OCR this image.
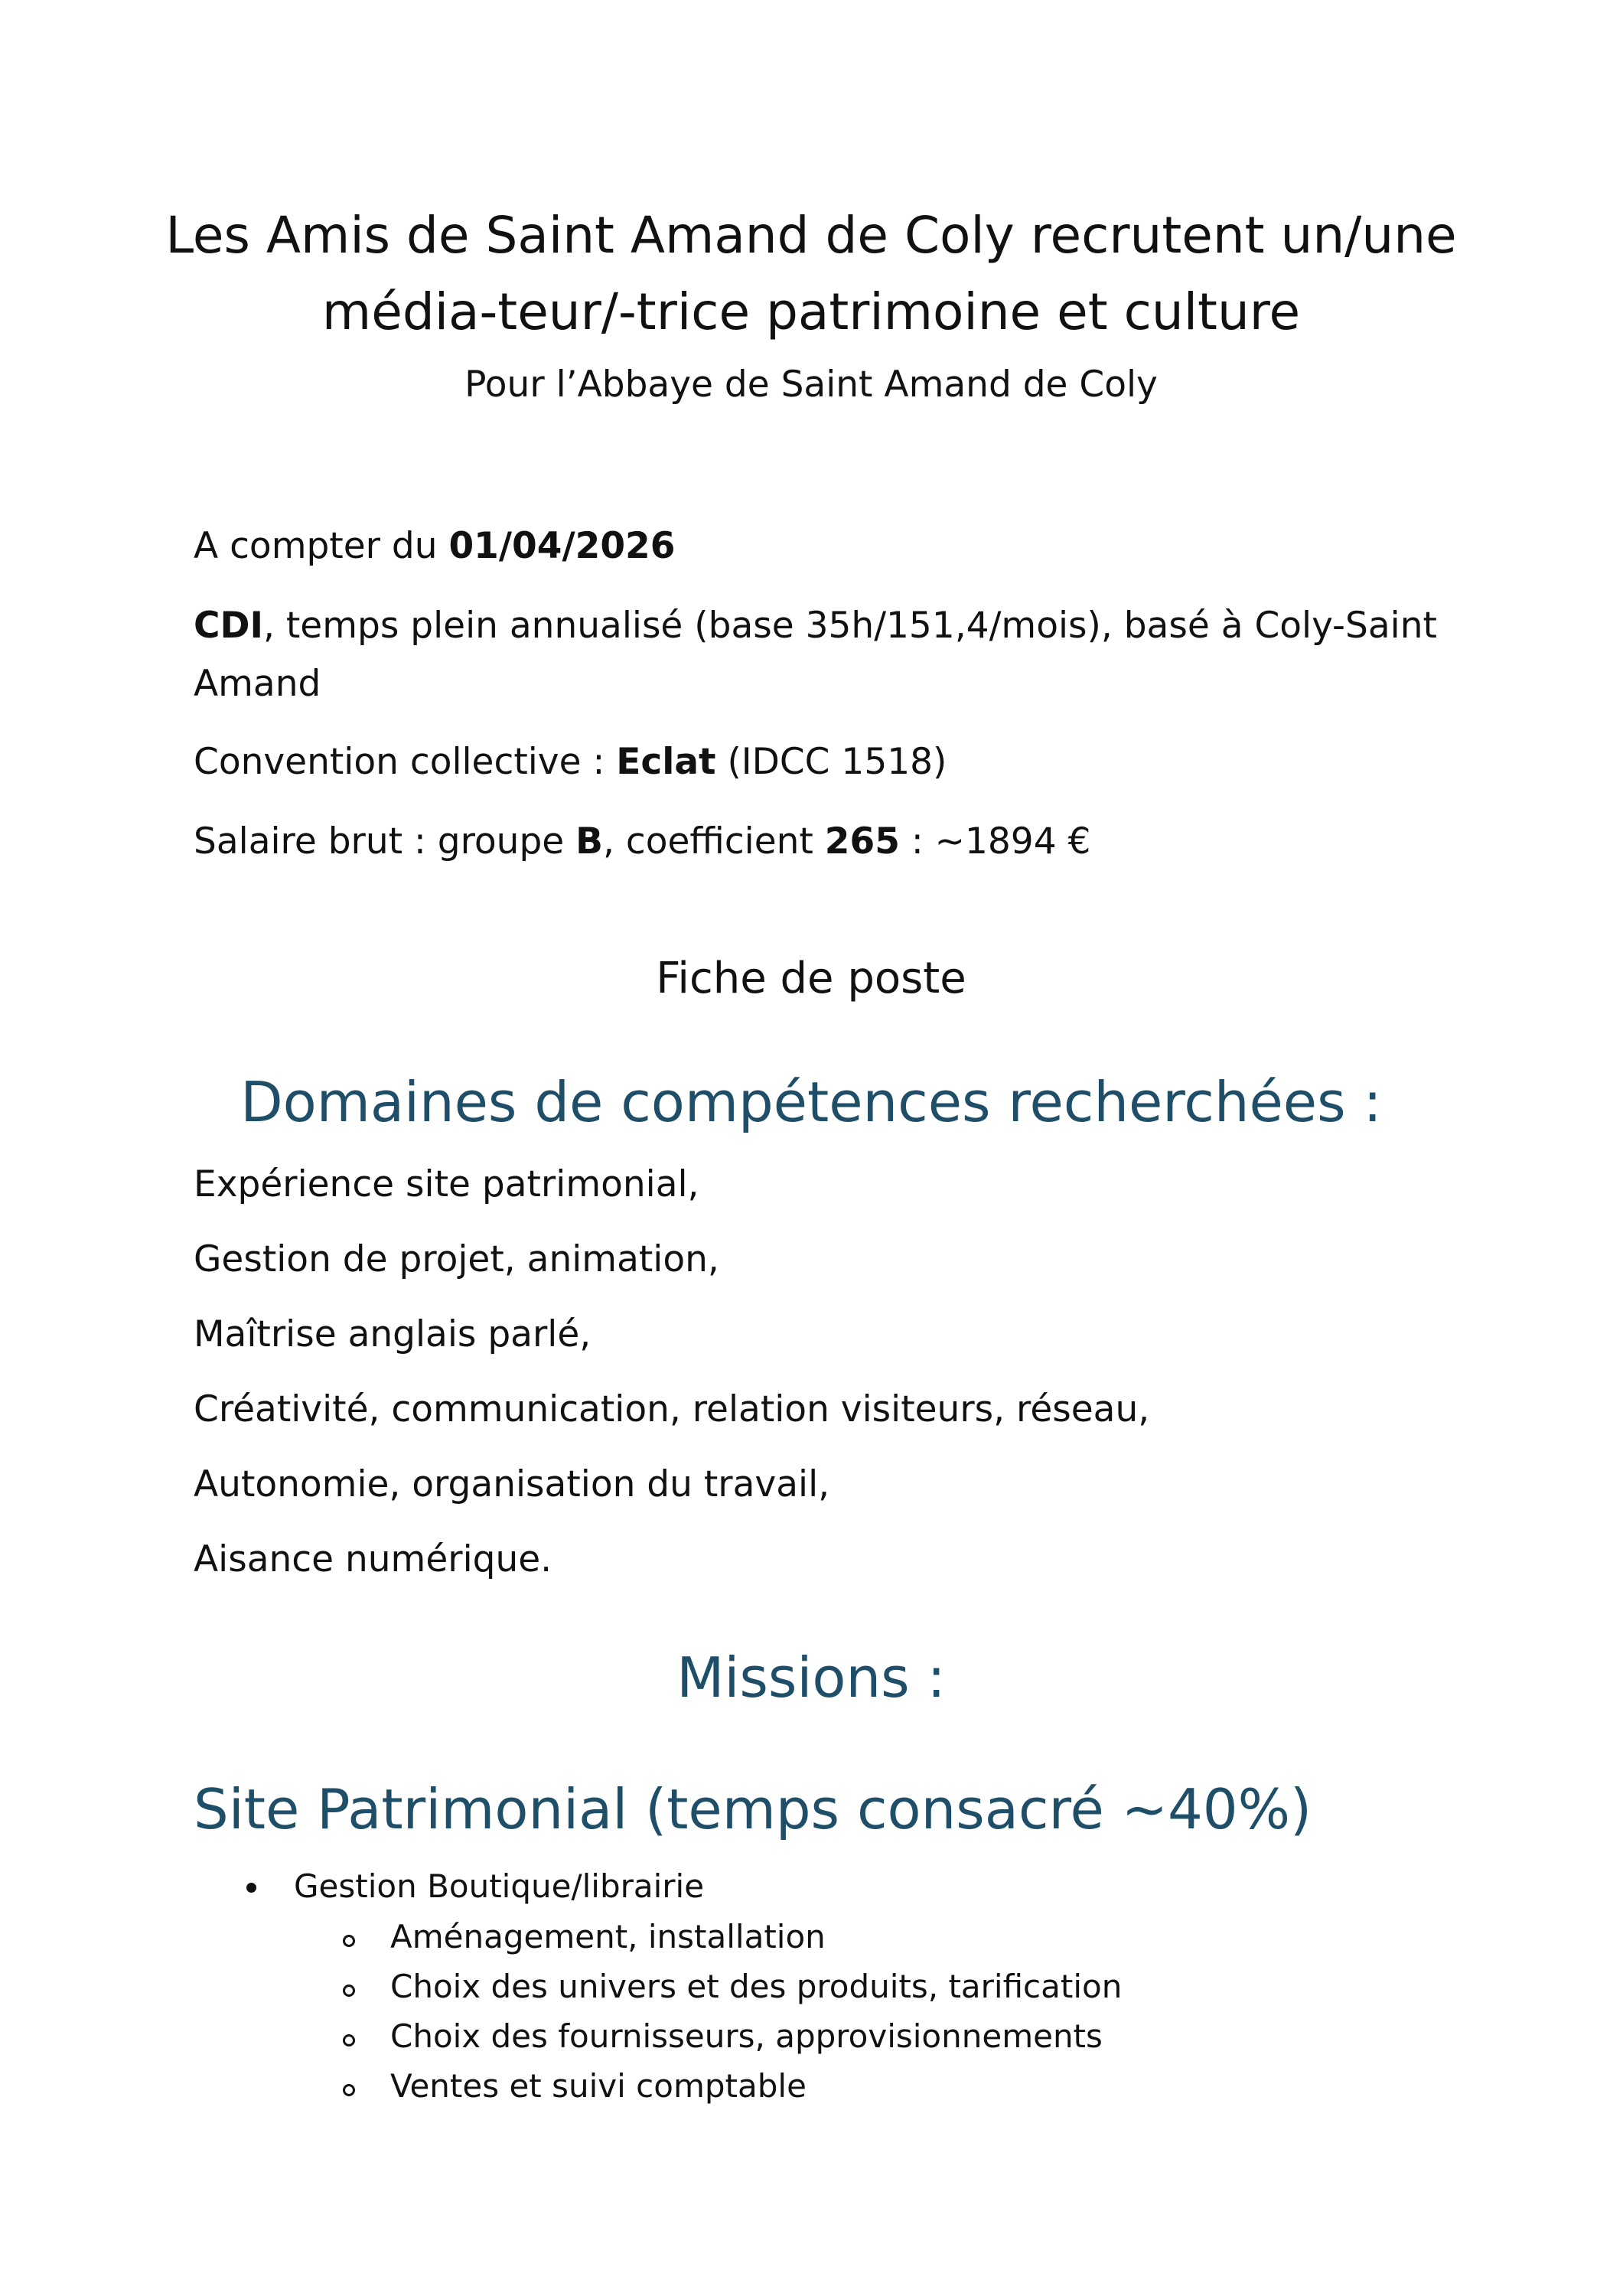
Les Amis de Saint Amand de Coly recrutent un/une
média-teur/-trice patrimoine et culture
Pour l’Abbaye de Saint Amand de Coly
A compter du 01/04/2026
CDI, temps plein annualisé (base 35h/151,4/mois), basé à Coly-Saint Amand
Convention collective : Eclat (IDCC 1518)
Salaire brut : groupe B, coefficient 265 : ~1894 €
Fiche de poste
Domaines de compétences recherchées :
Expérience site patrimonial,
Gestion de projet, animation,
Maîtrise anglais parlé,
Créativité, communication, relation visiteurs, réseau,
Autonomie, organisation du travail,
Aisance numérique.
Missions :
Site Patrimonial (temps consacré ~40%)
Gestion Boutique/librairie
Aménagement, installation
Choix des univers et des produits, tarification
Choix des fournisseurs, approvisionnements
Ventes et suivi comptable
